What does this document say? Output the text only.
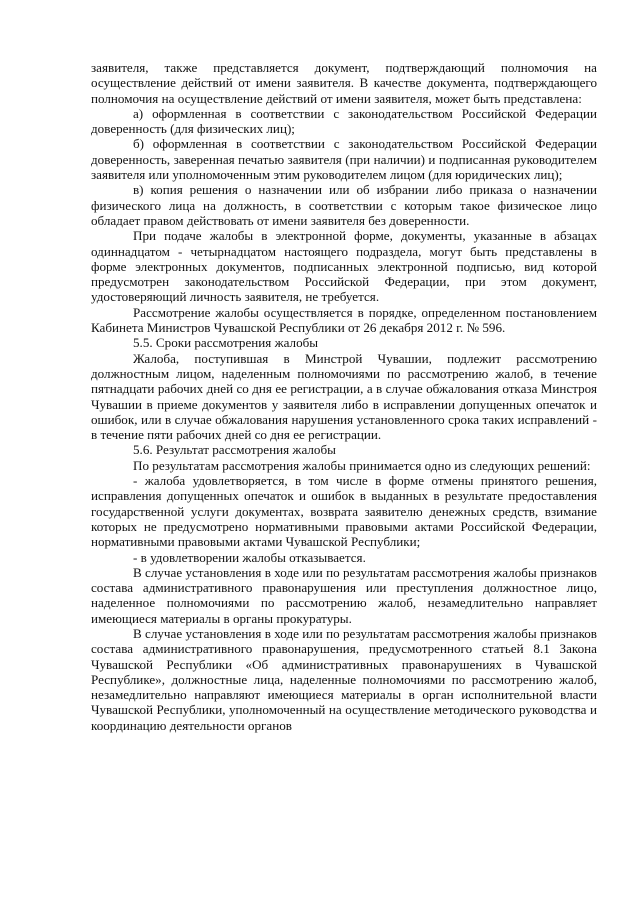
заявителя, также представляется документ, подтверждающий полномочия на осуществление действий от имени заявителя. В качестве документа, подтверждающего полномочия на осуществление действий от имени заявителя, может быть представлена:

а) оформленная в соответствии с законодательством Российской Федерации доверенность (для физических лиц);

б) оформленная в соответствии с законодательством Российской Федерации доверенность, заверенная печатью заявителя (при наличии) и подписанная руководителем заявителя или уполномоченным этим руководителем лицом (для юридических лиц);

в) копия решения о назначении или об избрании либо приказа о назначении физического лица на должность, в соответствии с которым такое физическое лицо обладает правом действовать от имени заявителя без доверенности.

При подаче жалобы в электронной форме, документы, указанные в абзацах одиннадцатом - четырнадцатом настоящего подраздела, могут быть представлены в форме электронных документов, подписанных электронной подписью, вид которой предусмотрен законодательством Российской Федерации, при этом документ, удостоверяющий личность заявителя, не требуется.

Рассмотрение жалобы осуществляется в порядке, определенном постановлением Кабинета Министров Чувашской Республики от 26 декабря 2012 г. № 596.

5.5. Сроки рассмотрения жалобы

Жалоба, поступившая в Минстрой Чувашии, подлежит рассмотрению должностным лицом, наделенным полномочиями по рассмотрению жалоб, в течение пятнадцати рабочих дней со дня ее регистрации, а в случае обжалования отказа Минстроя Чувашии в приеме документов у заявителя либо в исправлении допущенных опечаток и ошибок, или в случае обжалования нарушения установленного срока таких исправлений - в течение пяти рабочих дней со дня ее регистрации.

5.6. Результат рассмотрения жалобы

По результатам рассмотрения жалобы принимается одно из следующих решений:

- жалоба удовлетворяется, в том числе в форме отмены принятого решения, исправления допущенных опечаток и ошибок в выданных в результате предоставления государственной услуги документах, возврата заявителю денежных средств, взимание которых не предусмотрено нормативными правовыми актами Российской Федерации, нормативными правовыми актами Чувашской Республики;

- в удовлетворении жалобы отказывается.

В случае установления в ходе или по результатам рассмотрения жалобы признаков состава административного правонарушения или преступления должностное лицо, наделенное полномочиями по рассмотрению жалоб, незамедлительно направляет имеющиеся материалы в органы прокуратуры.

В случае установления в ходе или по результатам рассмотрения жалобы признаков состава административного правонарушения, предусмотренного статьей 8.1 Закона Чувашской Республики «Об административных правонарушениях в Чувашской Республике», должностные лица, наделенные полномочиями по рассмотрению жалоб, незамедлительно направляют имеющиеся материалы в орган исполнительной власти Чувашской Республики, уполномоченный на осуществление методического руководства и координацию деятельности органов
